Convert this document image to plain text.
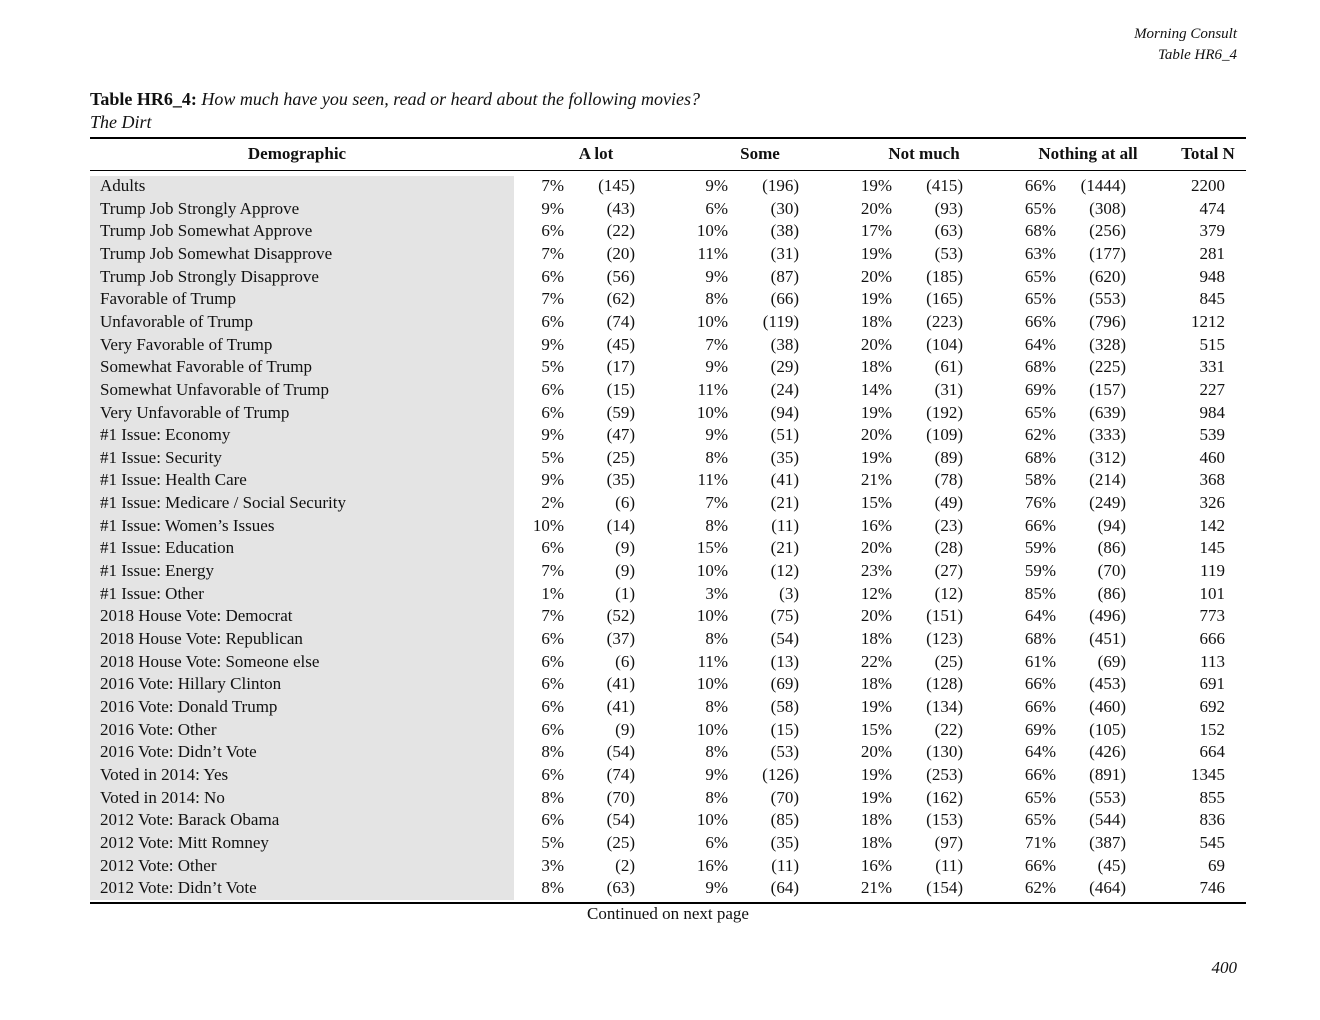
Morning Consult
Table HR6_4
Table HR6_4: How much have you seen, read or heard about the following movies?
The Dirt
Demographic	A lot	Some	Not much	Nothing at all	Total N
Adults	7% (145)	9% (196)	19% (415)	66% (1444)	2200
Trump Job Strongly Approve	9%	(43)	6%	(30)	20%	(93)	65% (308)	474
Trump Job Somewhat Approve	6%	(22)	10%	(38)	17%	(63)	68% (256)	379
Trump Job Somewhat Disapprove	7%	(20)	11%	(31)	19%	(53)	63% (177)	281
Trump Job Strongly Disapprove	6%	(56)	9%	(87)	20% (185)	65% (620)	948
Favorable of Trump	7%	(62)	8%	(66)	19% (165)	65% (553)	845
Unfavorable of Trump	6%	(74)	10% (119)	18% (223)	66% (796)	1212
Very Favorable of Trump	9%	(45)	7%	(38)	20% (104)	64% (328)	515
Somewhat Favorable of Trump	5%	(17)	9%	(29)	18%	(61)	68% (225)	331
Somewhat Unfavorable of Trump	6%	(15)	11%	(24)	14%	(31)	69% (157)	227
Very Unfavorable of Trump	6%	(59)	10%	(94)	19% (192)	65% (639)	984
#1 Issue: Economy	9%	(47)	9%	(51)	20% (109)	62% (333)	539
#1 Issue: Security	5%	(25)	8%	(35)	19%	(89)	68% (312)	460
#1 Issue: Health Care	9%	(35)	11%	(41)	21%	(78)	58% (214)	368
#1 Issue: Medicare / Social Security	2%	(6)	7%	(21)	15%	(49)	76% (249)	326
#1 Issue: Women’s Issues	10%	(14)	8%	(11)	16%	(23)	66% (94)	142
#1 Issue: Education	6%	(9)	15%	(21)	20%	(28)	59% (86)	145
#1 Issue: Energy	7%	(9)	10%	(12)	23%	(27)	59% (70)	119
#1 Issue: Other	1%	(1)	3%	(3)	12%	(12)	85% (86)	101
2018 House Vote: Democrat	7%	(52)	10%	(75)	20% (151)	64% (496)	773
2018 House Vote: Republican	6%	(37)	8%	(54)	18% (123)	68% (451)	666
2018 House Vote: Someone else	6%	(6)	11%	(13)	22%	(25)	61% (69)	113
2016 Vote: Hillary Clinton	6%	(41)	10%	(69)	18% (128)	66% (453)	691
2016 Vote: Donald Trump	6%	(41)	8%	(58)	19% (134)	66% (460)	692
2016 Vote: Other	6%	(9)	10%	(15)	15%	(22)	69% (105)	152
2016 Vote: Didn’t Vote	8%	(54)	8%	(53)	20% (130)	64% (426)	664
Voted in 2014: Yes	6%	(74)	9% (126)	19% (253)	66% (891)	1345
Voted in 2014: No	8%	(70)	8%	(70)	19% (162)	65% (553)	855
2012 Vote: Barack Obama	6%	(54)	10%	(85)	18% (153)	65% (544)	836
2012 Vote: Mitt Romney	5%	(25)	6%	(35)	18%	(97)	71% (387)	545
2012 Vote: Other	3%	(2)	16%	(11)	16%	(11)	66% (45)	69
2012 Vote: Didn’t Vote	8%	(63)	9%	(64)	21% (154)	62% (464)	746
Continued on next page
400
